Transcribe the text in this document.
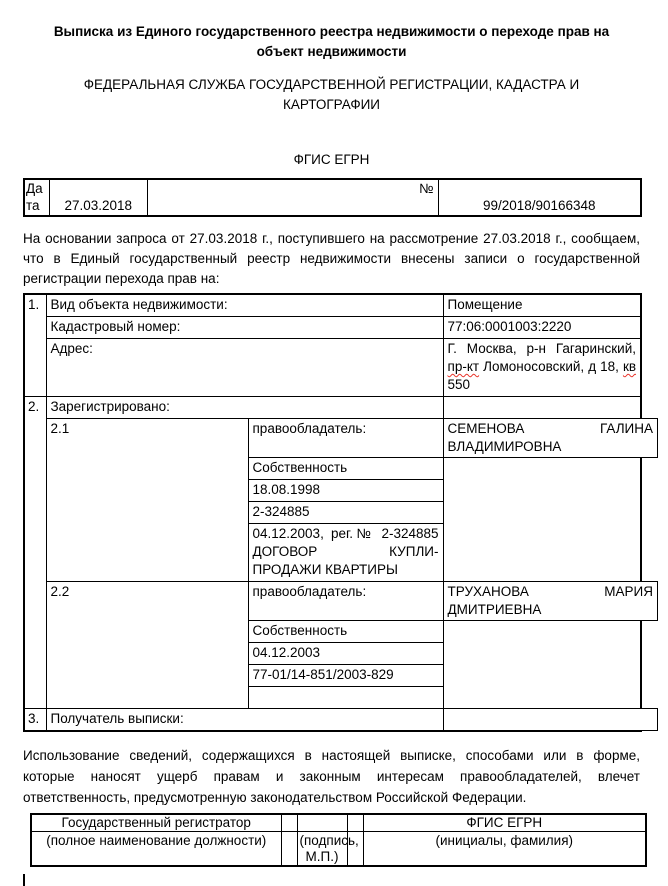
Выписка из Единого государственного реестра недвижимости о переходе прав на объект недвижимости
ФЕДЕРАЛЬНАЯ СЛУЖБА ГОСУДАРСТВЕННОЙ РЕГИСТРАЦИИ, КАДАСТРА И КАРТОГРАФИИ
ФГИС ЕГРН
Дата	27.03.2018	№	99/2018/90166348
На основании запроса от 27.03.2018 г., поступившего на рассмотрение 27.03.2018 г., сообщаем, что в Единый государственный реестр недвижимости внесены записи о государственной регистрации перехода прав на:
1.	Вид объекта недвижимости:		Помещение
	Кадастровый номер:		77:06:0001003:2220
	Адрес:		Г. Москва, р-н Гагаринский, пр-кт Ломоносовский, д 18, кв 550
2.	Зарегистрировано:		
	2.1	правообладатель:	СЕМЕНОВА ГАЛИНА ВЛАДИМИРОВНА

		Собственность	
		18.08.1998	
		2-324885	
		04.12.2003, рег.№ 2-324885 ДОГОВОР КУПЛИ-ПРОДАЖИ КВАРТИРЫ	
	2.2	правообладатель:	ТРУХАНОВА МАРИЯ ДМИТРИЕВНА

		Собственность	
		04.12.2003	
		77-01/14-851/2003-829	

3.	Получатель выписки:		
Использование сведений, содержащихся в настоящей выписке, способами или в форме, которые наносят ущерб правам и законным интересам правообладателей, влечет ответственность, предусмотренную законодательством Российской Федерации.
Государственный регистратор				ФГИС ЕГРН
(полное наименование должности)		(подпись, М.П.)		(инициалы, фамилия)
